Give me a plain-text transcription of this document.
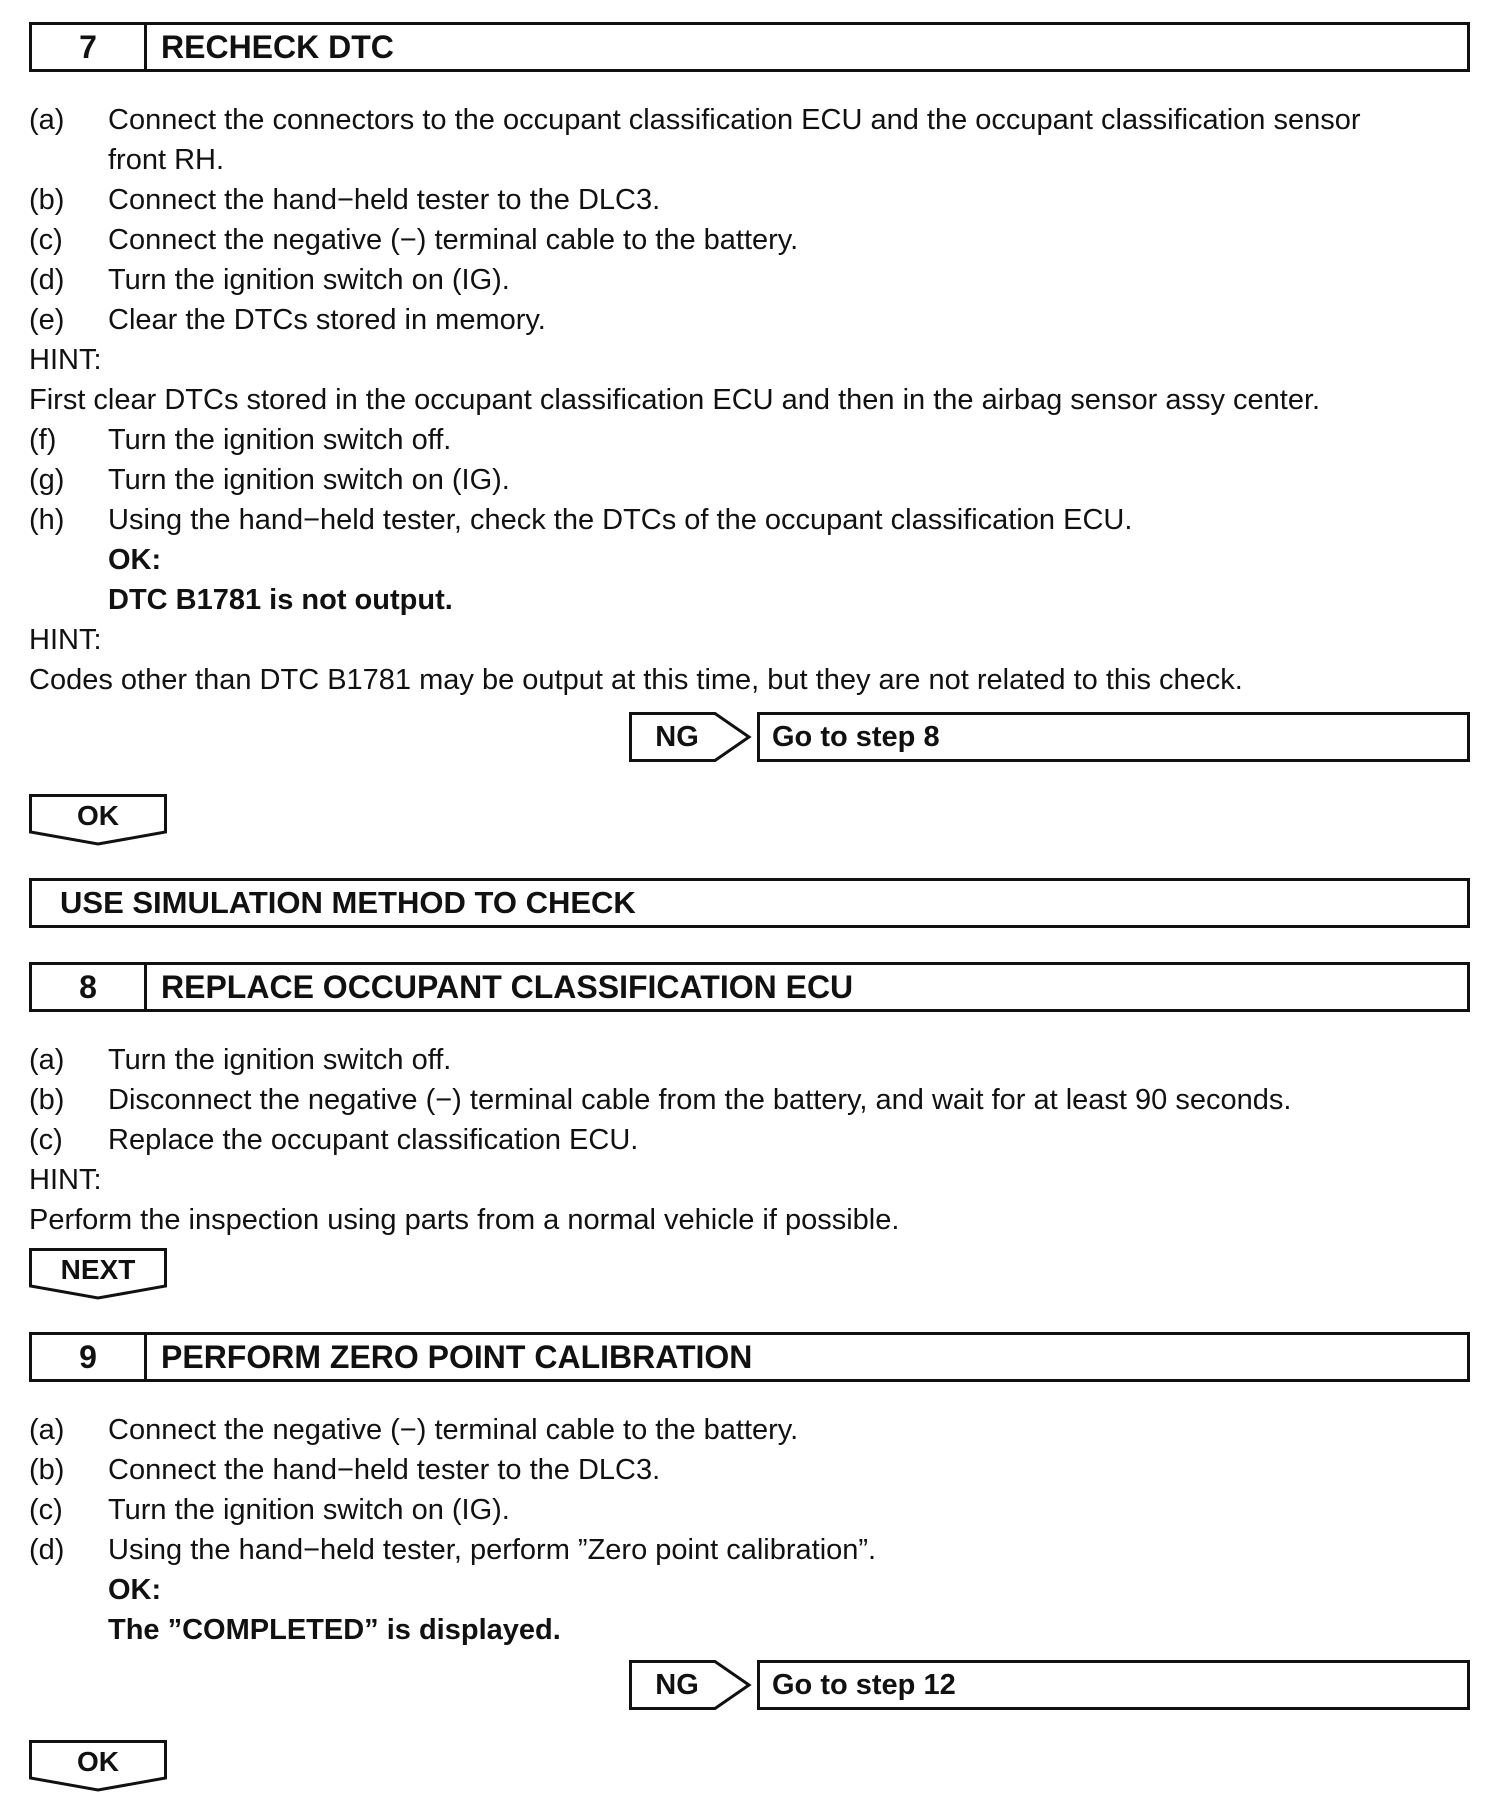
7	RECHECK DTC
(a) Connect the connectors to the occupant classification ECU and the occupant classification sensor
front RH.
(b) Connect the hand−held tester to the DLC3.
(c) Connect the negative (−) terminal cable to the battery.
(d) Turn the ignition switch on (IG).
(e) Clear the DTCs stored in memory.
HINT:
First clear DTCs stored in the occupant classification ECU and then in the airbag sensor assy center.
(f) Turn the ignition switch off.
(g) Turn the ignition switch on (IG).
(h) Using the hand−held tester, check the DTCs of the occupant classification ECU.
OK:
DTC B1781 is not output.
HINT:
Codes other than DTC B1781 may be output at this time, but they are not related to this check.
NG	Go to step 8
OK
USE SIMULATION METHOD TO CHECK
8	REPLACE OCCUPANT CLASSIFICATION ECU
(a) Turn the ignition switch off.
(b) Disconnect the negative (−) terminal cable from the battery, and wait for at least 90 seconds.
(c) Replace the occupant classification ECU.
HINT:
Perform the inspection using parts from a normal vehicle if possible.
NEXT
9	PERFORM ZERO POINT CALIBRATION
(a) Connect the negative (−) terminal cable to the battery.
(b) Connect the hand−held tester to the DLC3.
(c) Turn the ignition switch on (IG).
(d) Using the hand−held tester, perform ”Zero point calibration”.
OK:
The ”COMPLETED” is displayed.
NG	Go to step 12
OK
